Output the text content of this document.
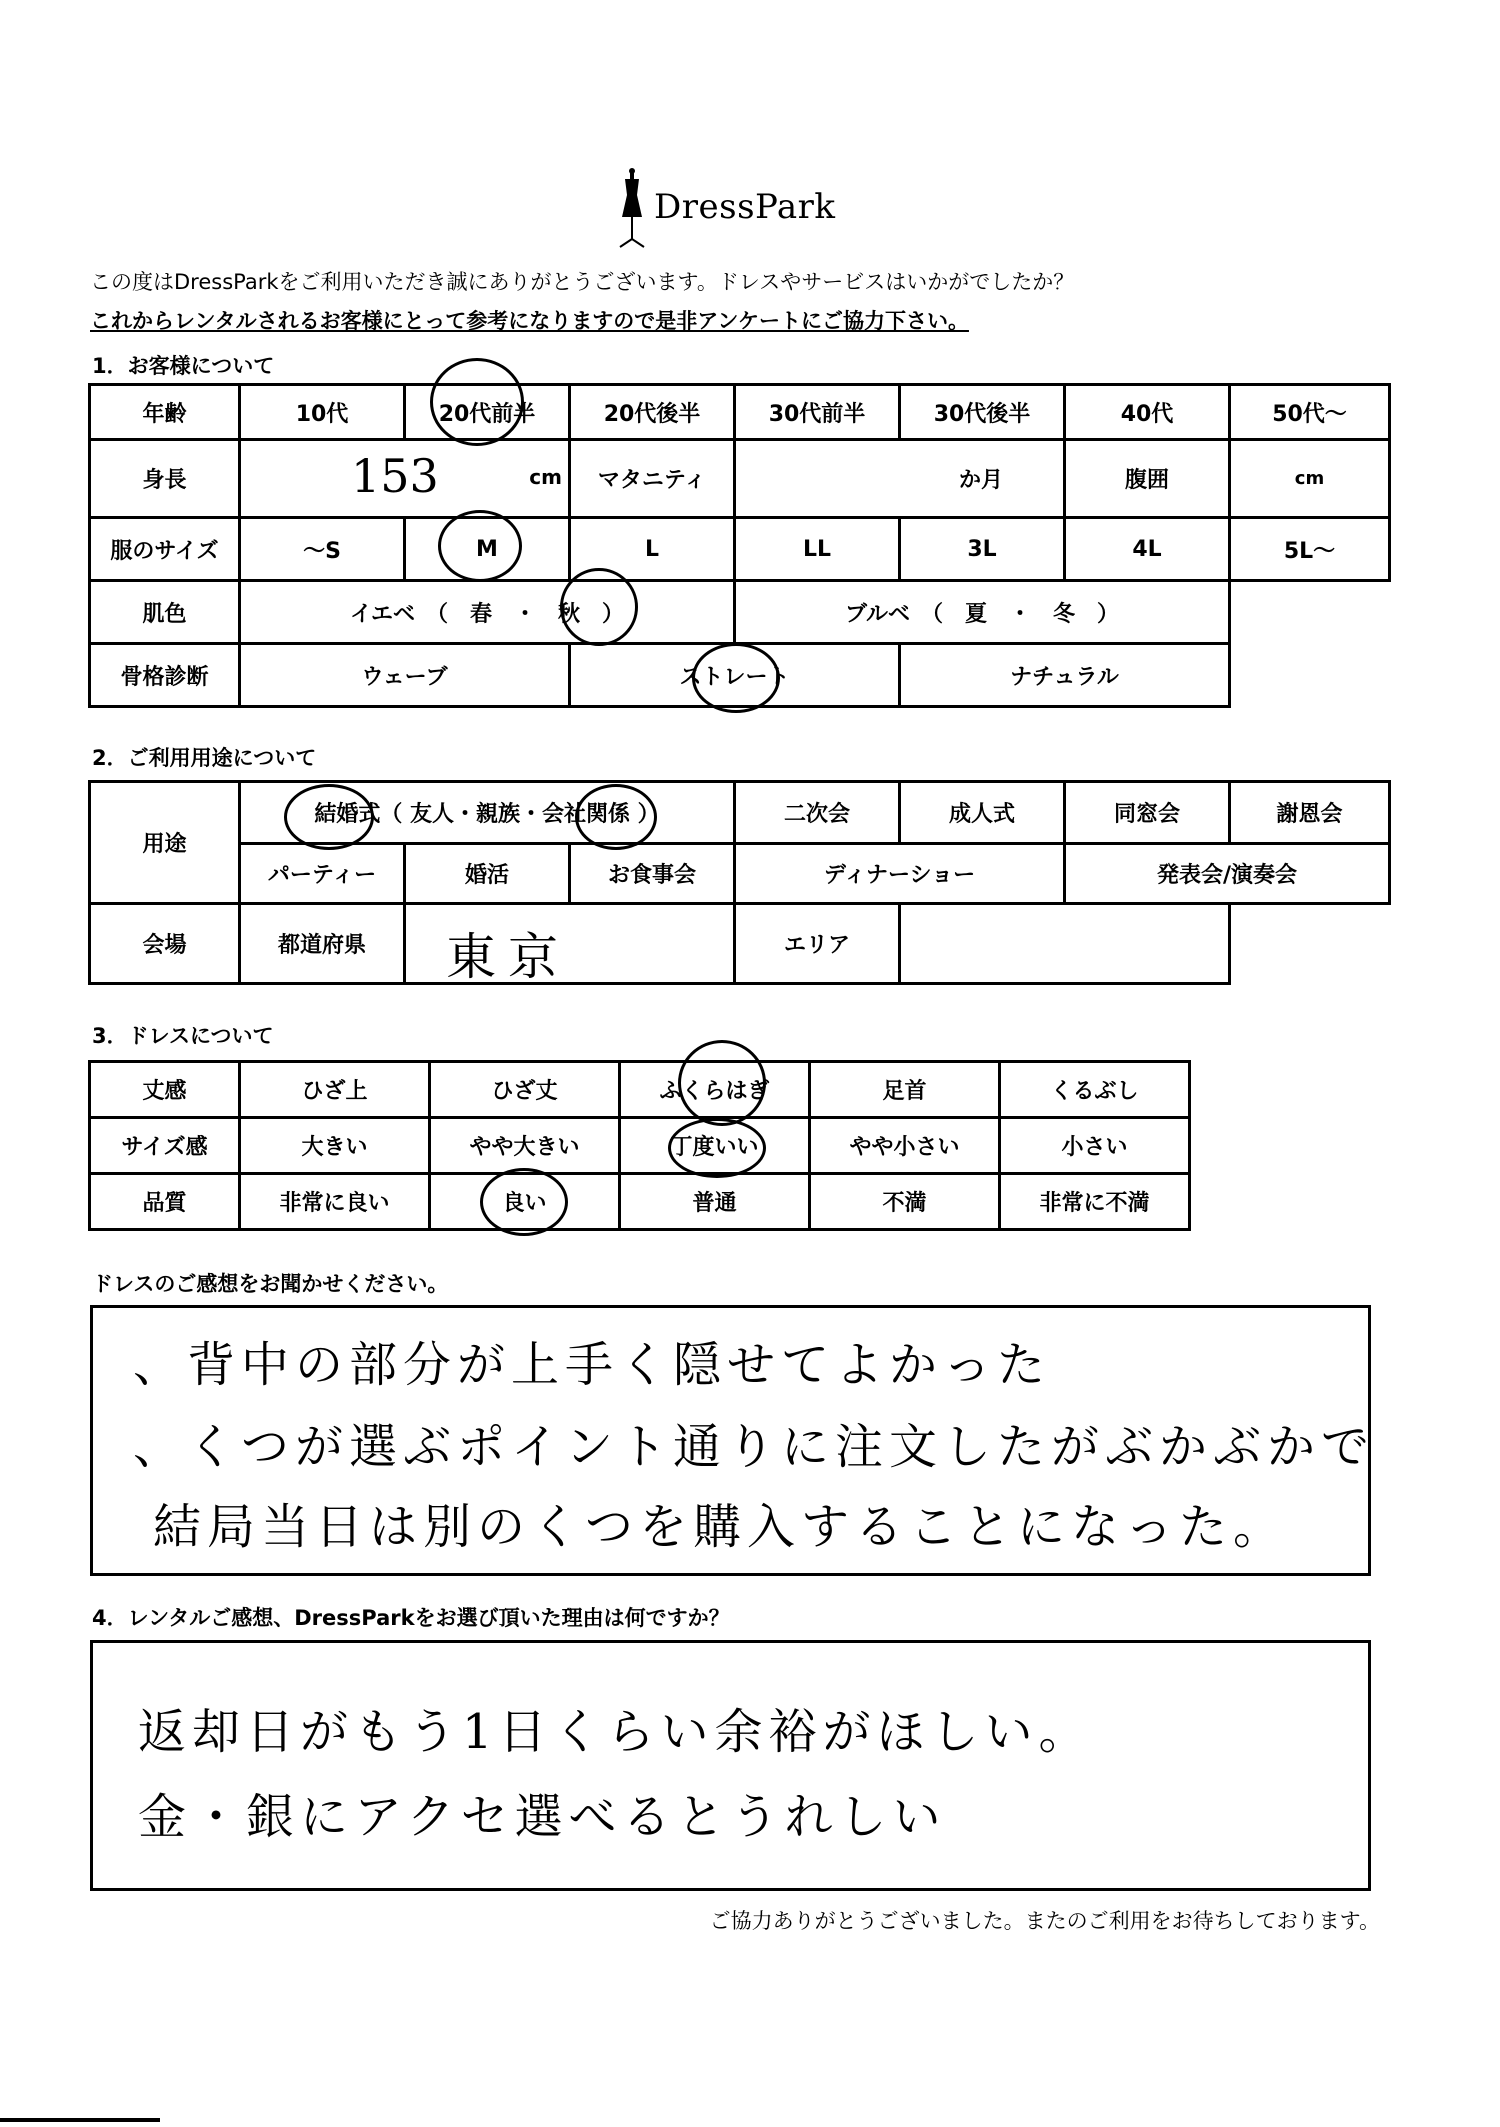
DressPark
この度はDressParkをご利用いただき誠にありがとうございます。ドレスやサービスはいかがでしたか？
これからレンタルされるお客様にとって参考になりますので是非アンケートにご協力下さい。
1．お客様について
年齢	10代	20代前半	20代後半	30代前半	30代後半	40代	50代～
身長	153 cm		マタニティ	か月		腹囲	cm
服のサイズ	～S	M	L	LL	3L	4L	5L～
肌色	イエベ　（　春　・　秋　）			ブルベ　（　夏　・　冬　）			
骨格診断	ウェーブ		ストレート		ナチュラル		
2．ご利用用途について
用途	結婚式（ 友人・親族・会社関係 ）			二次会	成人式	同窓会	謝恩会
	パーティー	婚活	お食事会	ディナーショー		発表会/演奏会	
会場	都道府県	東京		エリア			
3．ドレスについて
丈感	ひざ上	ひざ丈	ふくらはぎ	足首	くるぶし
サイズ感	大きい	やや大きい	丁度いい	やや小さい	小さい
品質	非常に良い	良い	普通	不満	非常に不満
ドレスのご感想をお聞かせください。
、背中の部分が上手く隠せてよかった
、くつが選ぶポイント通りに注文したがぶかぶかで
結局当日は別のくつを購入することになった。
4．レンタルご感想、DressParkをお選び頂いた理由は何ですか？
返却日がもう1日くらい余裕がほしい。
金・銀にアクセ選べるとうれしい
ご協力ありがとうございました。またのご利用をお待ちしております。
